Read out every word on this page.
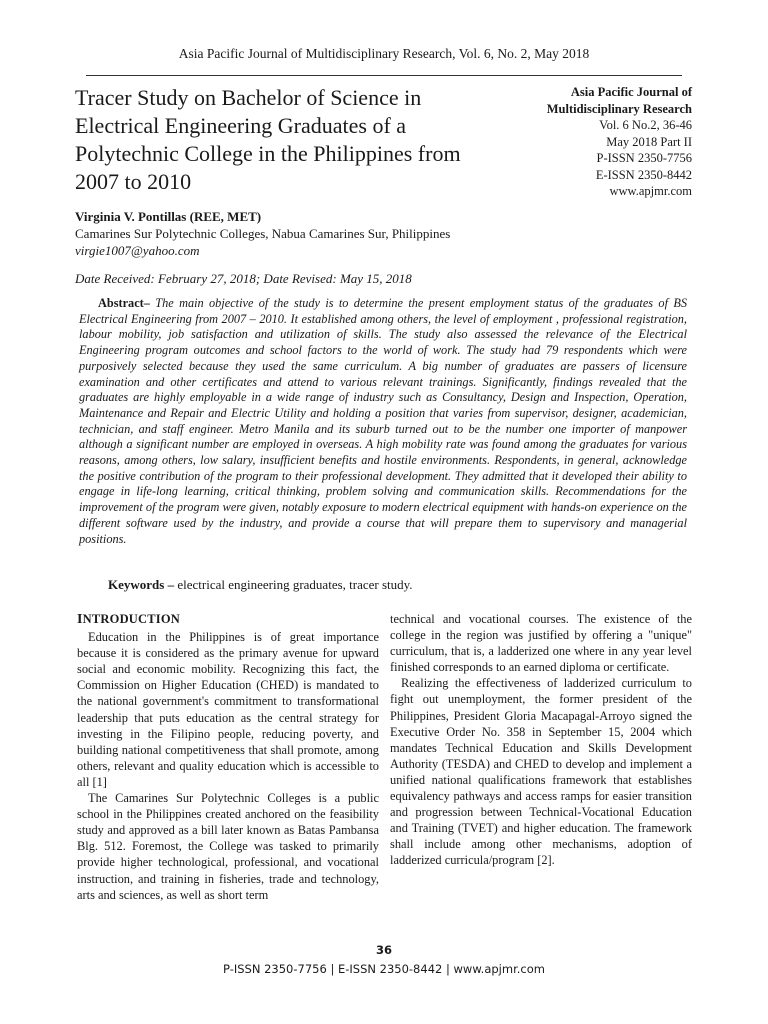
Asia Pacific Journal of Multidisciplinary Research, Vol. 6, No. 2, May 2018
Tracer Study on Bachelor of Science in Electrical Engineering Graduates of a Polytechnic College in the Philippines from 2007 to 2010
Asia Pacific Journal of
Multidisciplinary Research
Vol. 6 No.2, 36-46
May 2018 Part II
P-ISSN 2350-7756
E-ISSN 2350-8442
www.apjmr.com
Virginia V. Pontillas (REE, MET)
Camarines Sur Polytechnic Colleges, Nabua Camarines Sur, Philippines
virgie1007@yahoo.com
Date Received: February 27, 2018; Date Revised: May 15, 2018
Abstract– The main objective of the study is to determine the present employment status of the graduates of BS Electrical Engineering from 2007 – 2010. It established among others, the level of employment , professional registration, labour mobility, job satisfaction and utilization of skills. The study also assessed the relevance of the Electrical Engineering program outcomes and school factors to the world of work. The study had 79 respondents which were purposively selected because they used the same curriculum. A big number of graduates are passers of licensure examination and other certificates and attend to various relevant trainings. Significantly, findings revealed that the graduates are highly employable in a wide range of industry such as Consultancy, Design and Inspection, Operation, Maintenance and Repair and Electric Utility and holding a position that varies from supervisor, designer, academician, technician, and staff engineer. Metro Manila and its suburb turned out to be the number one importer of manpower although a significant number are employed in overseas. A high mobility rate was found among the graduates for various reasons, among others, low salary, insufficient benefits and hostile environments. Respondents, in general, acknowledge the positive contribution of the program to their professional development. They admitted that it developed their ability to engage in life-long learning, critical thinking, problem solving and communication skills. Recommendations for the improvement of the program were given, notably exposure to modern electrical equipment with hands-on experience on the different software used by the industry, and provide a course that will prepare them to supervisory and managerial positions.
Keywords – electrical engineering graduates, tracer study.
INTRODUCTION

Education in the Philippines is of great importance because it is considered as the primary avenue for upward social and economic mobility. Recognizing this fact, the Commission on Higher Education (CHED) is mandated to the national government's commitment to transformational leadership that puts education as the central strategy for investing in the Filipino people, reducing poverty, and building national competitiveness that shall promote, among others, relevant and quality education which is accessible to all [1]

The Camarines Sur Polytechnic Colleges is a public school in the Philippines created anchored on the feasibility study and approved as a bill later known as Batas Pambansa Blg. 512. Foremost, the College was tasked to primarily provide higher technological, professional, and vocational instruction, and training in fisheries, trade and technology, arts and sciences, as well as short term

technical and vocational courses. The existence of the college in the region was justified by offering a "unique" curriculum, that is, a ladderized one where in any year level finished corresponds to an earned diploma or certificate.

Realizing the effectiveness of ladderized curriculum to fight out unemployment, the former president of the Philippines, President Gloria Macapagal-Arroyo signed the Executive Order No. 358 in September 15, 2004 which mandates Technical Education and Skills Development Authority (TESDA) and CHED to develop and implement a unified national qualifications framework that establishes equivalency pathways and access ramps for easier transition and progression between Technical-Vocational Education and Training (TVET) and higher education. The framework shall include among other mechanisms, adoption of ladderized curricula/program [2].

36
P-ISSN 2350-7756 | E-ISSN 2350-8442 | www.apjmr.com
